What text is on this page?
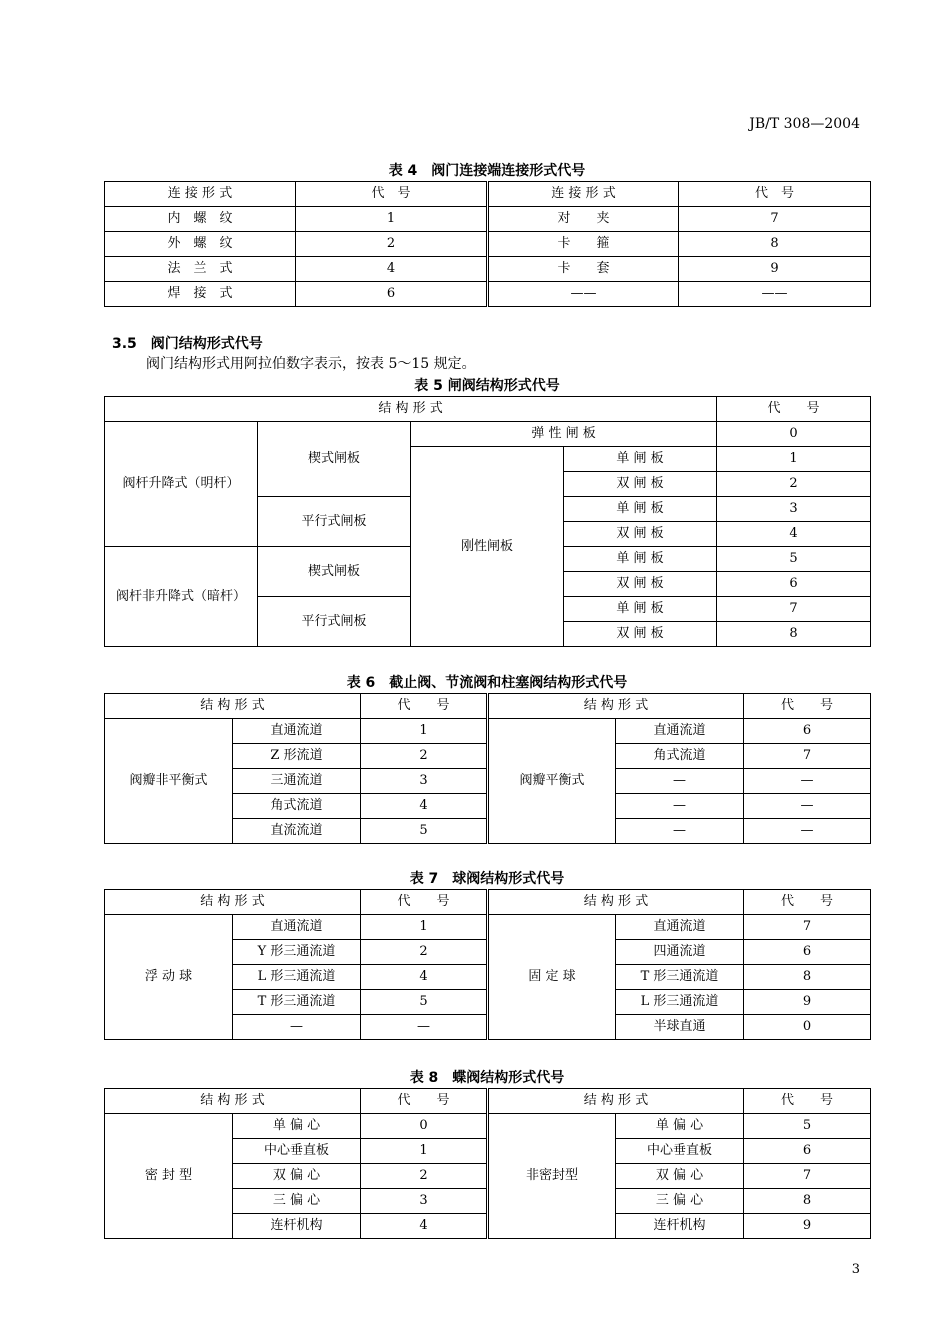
JB/T 308—2004
表 4　阀门连接端连接形式代号
连 接 形 式	代　号	连 接 形 式	代　号
内　螺　纹	1	对　　夹	7
外　螺　纹	2	卡　　箍	8
法　兰　式	4	卡　　套	9
焊　接　式	6	——	——
3.5　阀门结构形式代号
阀门结构形式用阿拉伯数字表示，按表 5～15 规定。
表 5 闸阀结构形式代号
结 构 形 式				代　　号
阀杆升降式（明杆）	楔式闸板	弹 性 闸 板		0
		刚性闸板	单 闸 板	1
			双 闸 板	2
	平行式闸板		单 闸 板	3
			双 闸 板	4
阀杆非升降式（暗杆）	楔式闸板		单 闸 板	5
			双 闸 板	6
	平行式闸板		单 闸 板	7
			双 闸 板	8
表 6　截止阀、节流阀和柱塞阀结构形式代号
结 构 形 式		代　　号	结 构 形 式		代　　号
阀瓣非平衡式	直通流道	1	阀瓣平衡式	直通流道	6
	Z 形流道	2		角式流道	7
	三通流道	3		—	—
	角式流道	4		—	—
	直流流道	5		—	—
表 7　球阀结构形式代号
结 构 形 式		代　　号	结 构 形 式		代　　号
浮 动 球	直通流道	1	固 定 球	直通流道	7
	Y 形三通流道	2		四通流道	6
	L 形三通流道	4		T 形三通流道	8
	T 形三通流道	5		L 形三通流道	9
	—	—		半球直通	0
表 8　蝶阀结构形式代号
结 构 形 式		代　　号	结 构 形 式		代　　号
密 封 型	单 偏 心	0	非密封型	单 偏 心	5
	中心垂直板	1		中心垂直板	6
	双 偏 心	2		双 偏 心	7
	三 偏 心	3		三 偏 心	8
	连杆机构	4		连杆机构	9
3
